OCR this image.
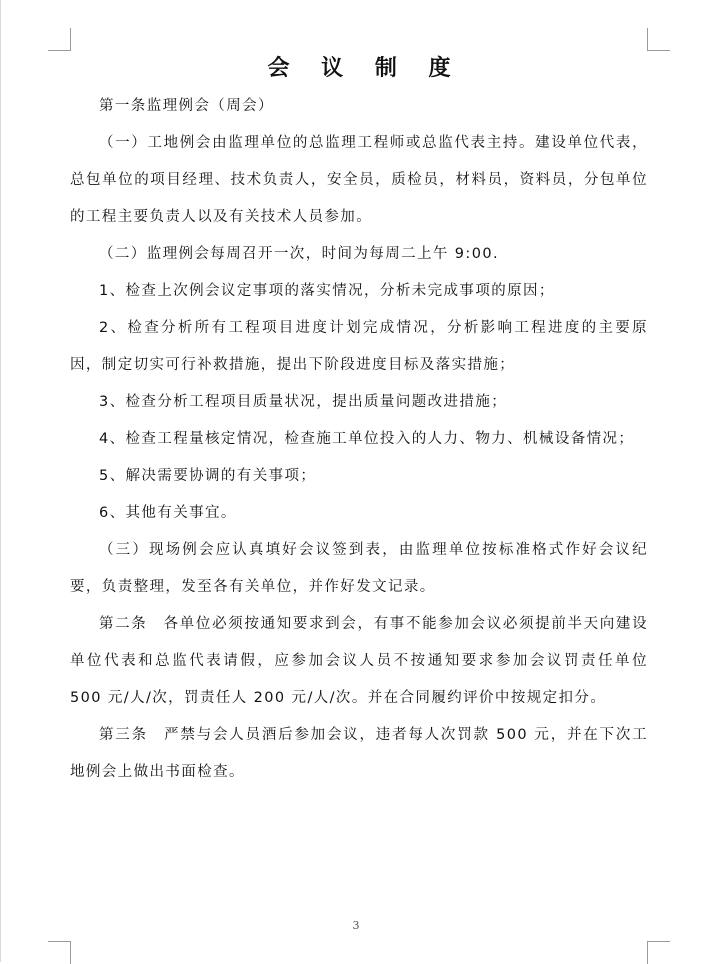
会 议 制 度

第一条监理例会（周会）

（一）工地例会由监理单位的总监理工程师或总监代表主持。建设单位代表，总包单位的项目经理、技术负责人，安全员，质检员，材料员，资料员，分包单位的工程主要负责人以及有关技术人员参加。

（二）监理例会每周召开一次，时间为每周二上午 9:00.

1、检查上次例会议定事项的落实情况，分析未完成事项的原因；

2、检查分析所有工程项目进度计划完成情况，分析影响工程进度的主要原因，制定切实可行补救措施，提出下阶段进度目标及落实措施；

3、检查分析工程项目质量状况，提出质量问题改进措施；

4、检查工程量核定情况，检查施工单位投入的人力、物力、机械设备情况；

5、解决需要协调的有关事项；

6、其他有关事宜。

（三）现场例会应认真填好会议签到表，由监理单位按标准格式作好会议纪要，负责整理，发至各有关单位，并作好发文记录。

第二条　各单位必须按通知要求到会，有事不能参加会议必须提前半天向建设单位代表和总监代表请假，应参加会议人员不按通知要求参加会议罚责任单位 500 元/人/次，罚责任人 200 元/人/次。并在合同履约评价中按规定扣分。

第三条　严禁与会人员酒后参加会议，违者每人次罚款 500 元，并在下次工地例会上做出书面检查。

3
